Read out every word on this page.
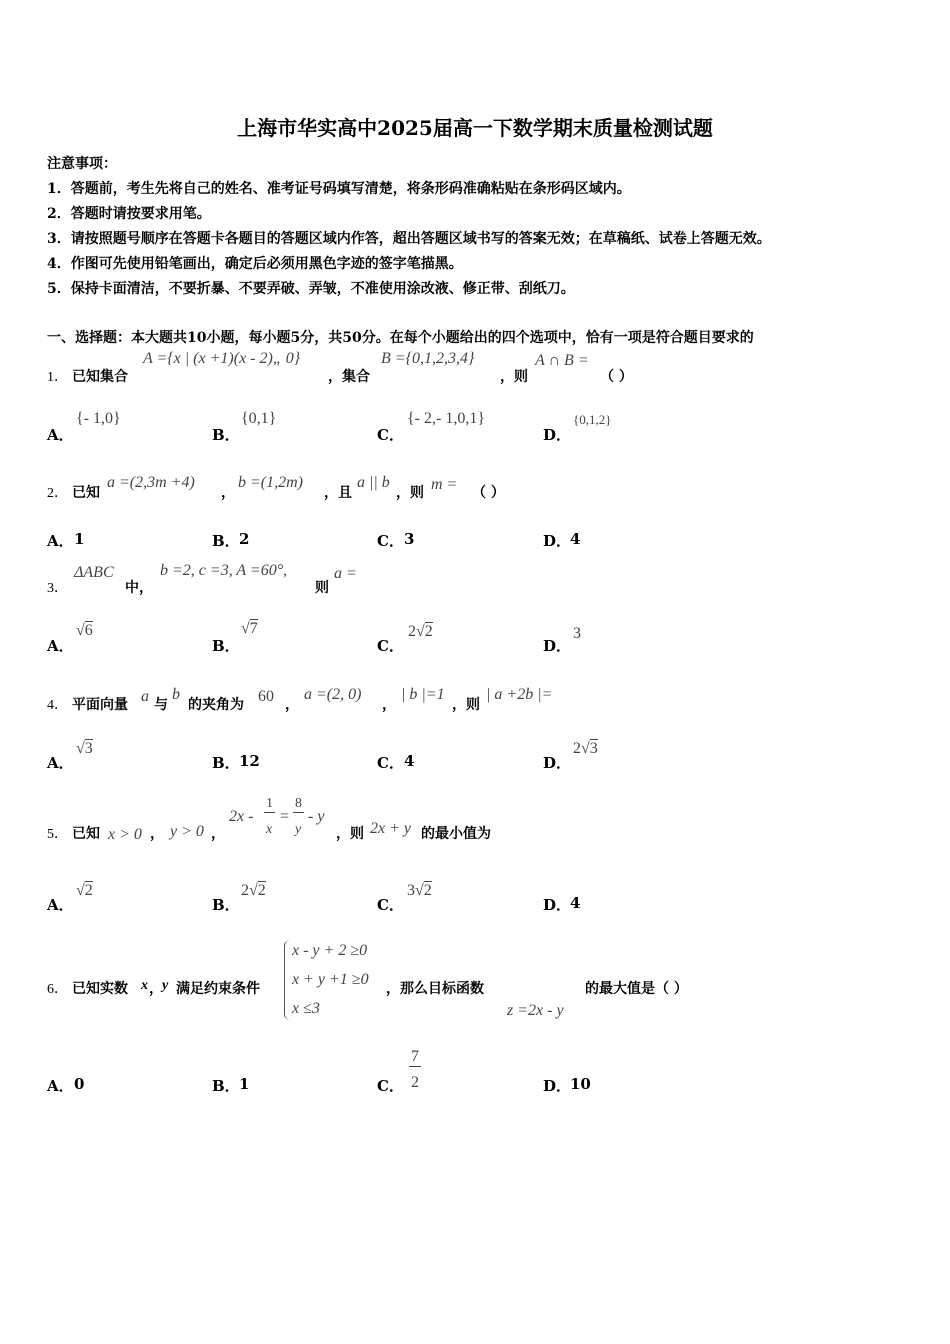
上海市华实高中2025届高一下数学期末质量检测试题
注意事项：
1．答题前，考生先将自己的姓名、准考证号码填写清楚，将条形码准确粘贴在条形码区域内。
2．答题时请按要求用笔。
3．请按照题号顺序在答题卡各题目的答题区域内作答，超出答题区域书写的答案无效；在草稿纸、试卷上答题无效。
4．作图可先使用铅笔画出，确定后必须用黑色字迹的签字笔描黑。
5．保持卡面清洁，不要折暴、不要弄破、弄皱，不准使用涂改液、修正带、刮纸刀。
一、选择题：本大题共10小题，每小题5分，共50分。在每个小题给出的四个选项中，恰有一项是符合题目要求的
1． 已知集合
A ={x | (x +1)(x - 2)„ 0}
，集合
B ={0,1,2,3,4}
，则
A ∩ B =
（ ）
A．
{- 1,0}
B．
{0,1}
C．
{- 2,- 1,0,1}
D．
{0,1,2}
2． 已知
a =(2,3m +4)
，
b =(1,2m)
，且
a || b
，则 m = （ ）
A． 1	B． 2	C． 3	D．
4
3．
ΔABC
中，
b =2, c =3, A =60°,
则
a =
A．
√6
B．
√7
C．
2√2
D．
3
4． 平面向量 a 与
b
的夹角为 60 ，
a =(2, 0)
，
| b |=1
，则
| a +2b |=
A．
√3
B． 12	C． 4	D．
2√3
5． 已知 x > 0 ， y > 0 ，
2x -
1
x
=
8
y
- y
，则 2x + y 的最小值为
A．
√2
B．
2√2
C．
3√2
D．
4
6． 已知实数 x ， y 满足约束条件
x - y + 2 ≥0
x + y +1 ≥0
x ≤3
，那么目标函数
z =2x - y
的最大值是（ ）
A． 0	B． 1	C．
7
2	D．
10
